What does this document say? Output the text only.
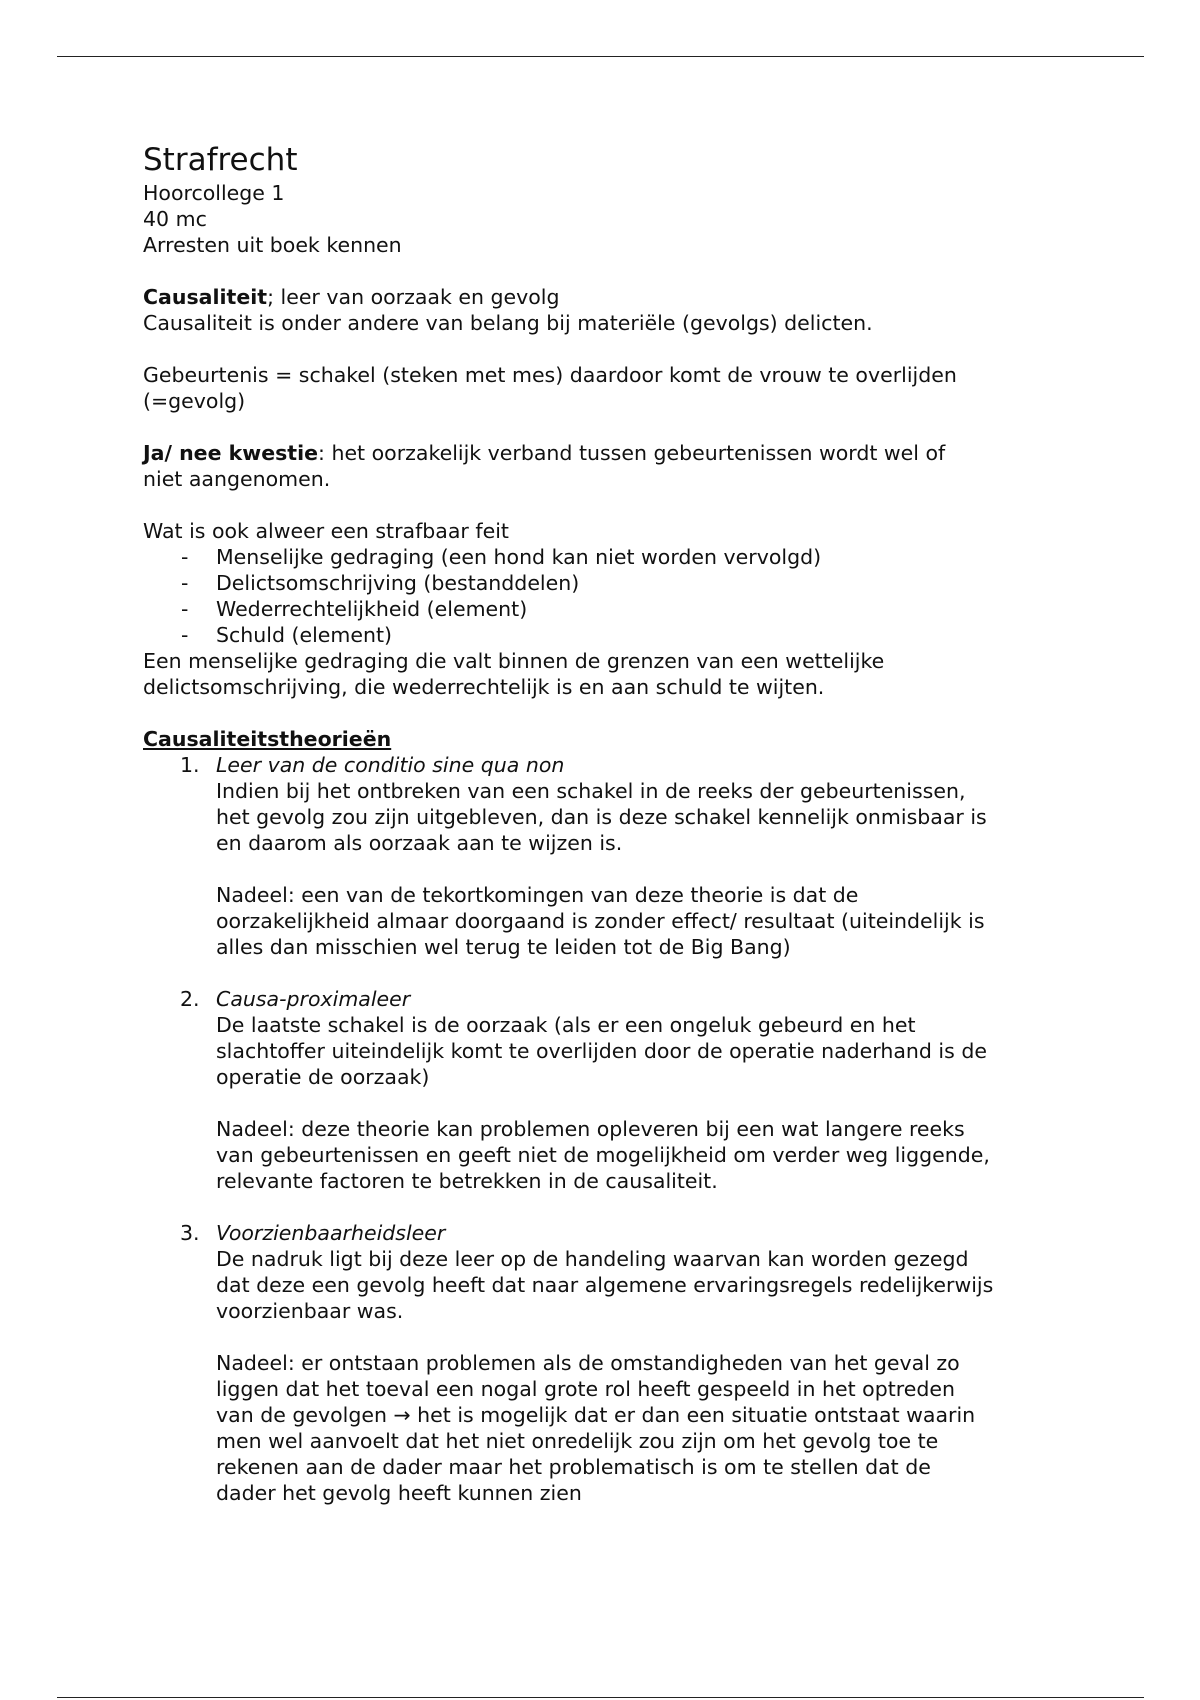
Strafrecht

Hoorcollege 1

40 mc

Arresten uit boek kennen

Causaliteit; leer van oorzaak en gevolg

Causaliteit is onder andere van belang bij materiële (gevolgs) delicten.

Gebeurtenis = schakel (steken met mes) daardoor komt de vrouw te overlijden

(=gevolg)

Ja/ nee kwestie: het oorzakelijk verband tussen gebeurtenissen wordt wel of

niet aangenomen.

Wat is ook alweer een strafbaar feit

- Menselijke gedraging (een hond kan niet worden vervolgd)
- Delictsomschrijving (bestanddelen)
- Wederrechtelijkheid (element)
- Schuld (element)

Een menselijke gedraging die valt binnen de grenzen van een wettelijke

delictsomschrijving, die wederrechtelijk is en aan schuld te wijten.

Causaliteitstheorieën

1. Leer van de conditio sine qua non

Indien bij het ontbreken van een schakel in de reeks der gebeurtenissen,

het gevolg zou zijn uitgebleven, dan is deze schakel kennelijk onmisbaar is

en daarom als oorzaak aan te wijzen is.

Nadeel: een van de tekortkomingen van deze theorie is dat de

oorzakelijkheid almaar doorgaand is zonder effect/ resultaat (uiteindelijk is

alles dan misschien wel terug te leiden tot de Big Bang)

2. Causa-proximaleer

De laatste schakel is de oorzaak (als er een ongeluk gebeurd en het

slachtoffer uiteindelijk komt te overlijden door de operatie naderhand is de

operatie de oorzaak)

Nadeel: deze theorie kan problemen opleveren bij een wat langere reeks

van gebeurtenissen en geeft niet de mogelijkheid om verder weg liggende,

relevante factoren te betrekken in de causaliteit.

3. Voorzienbaarheidsleer

De nadruk ligt bij deze leer op de handeling waarvan kan worden gezegd

dat deze een gevolg heeft dat naar algemene ervaringsregels redelijkerwijs

voorzienbaar was.

Nadeel: er ontstaan problemen als de omstandigheden van het geval zo

liggen dat het toeval een nogal grote rol heeft gespeeld in het optreden

van de gevolgen → het is mogelijk dat er dan een situatie ontstaat waarin

men wel aanvoelt dat het niet onredelijk zou zijn om het gevolg toe te

rekenen aan de dader maar het problematisch is om te stellen dat de

dader het gevolg heeft kunnen zien
